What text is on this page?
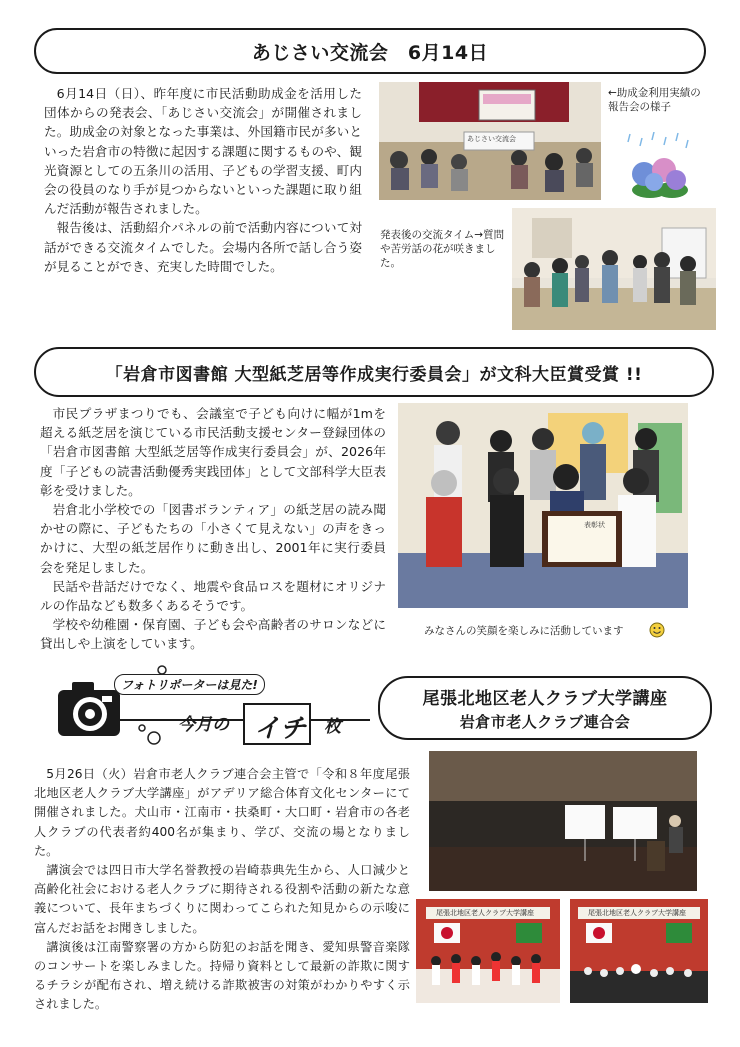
あじさい交流会　6月14日

6月14日（日）、昨年度に市民活動助成金を活用した団体からの発表会、「あじさい交流会」が開催されました。助成金の対象となった事業は、外国籍市民が多いといった岩倉市の特徴に起因する課題に関するものや、観光資源としての五条川の活用、子どもの学習支援、町内会の役員のなり手が見つからないといった課題に取り組んだ活動が報告されました。

報告後は、活動紹介パネルの前で活動内容について対話ができる交流タイムでした。会場内各所で話し合う姿が見ることができ、充実した時間でした。

あじさい交流会
←助成金利用実績の報告会の様子
発表後の交流タイム→質問や苦労話の花が咲きました。
「岩倉市図書館 大型紙芝居等作成実行委員会」が文科大臣賞受賞 !!

市民プラザまつりでも、会議室で子ども向けに幅が1mを超える紙芝居を演じている市民活動支援センター登録団体の「岩倉市図書館 大型紙芝居等作成実行委員会」が、2026年度「子どもの読書活動優秀実践団体」として文部科学大臣表彰を受けました。

岩倉北小学校での「図書ボランティア」の紙芝居の読み聞かせの際に、子どもたちの「小さくて見えない」の声をきっかけに、大型の紙芝居作りに動き出し、2001年に実行委員会を発足しました。

民話や昔話だけでなく、地震や食品ロスを題材にオリジナルの作品なども数多くあるそうです。

学校や幼稚園・保育園、子ども会や高齢者のサロンなどに貸出しや上演をしています。

表彰状
みなさんの笑顔を楽しみに活動しています
フォトリポーターは見た!
今月の イチ 枚
尾張北地区老人クラブ大学講座
岩倉市老人クラブ連合会

5月26日（火）岩倉市老人クラブ連合会主管で「令和８年度尾張北地区老人クラブ大学講座」がアデリア総合体育文化センターにて開催されました。犬山市・江南市・扶桑町・大口町・岩倉市の各老人クラブの代表者約400名が集まり、学び、交流の場となりました。

講演会では四日市大学名誉教授の岩崎恭典先生から、人口減少と高齢化社会における老人クラブに期待される役割や活動の新たな意義について、長年まちづくりに関わってこられた知見からの示唆に富んだお話をお聞きしました。

講演後は江南警察署の方から防犯のお話を聞き、愛知県警音楽隊のコンサートを楽しみました。持帰り資料として最新の詐欺に関するチラシが配布され、増え続ける詐欺被害の対策がわかりやすく示されました。

尾張北地区老人クラブ大学講座	尾張北地区老人クラブ大学講座
